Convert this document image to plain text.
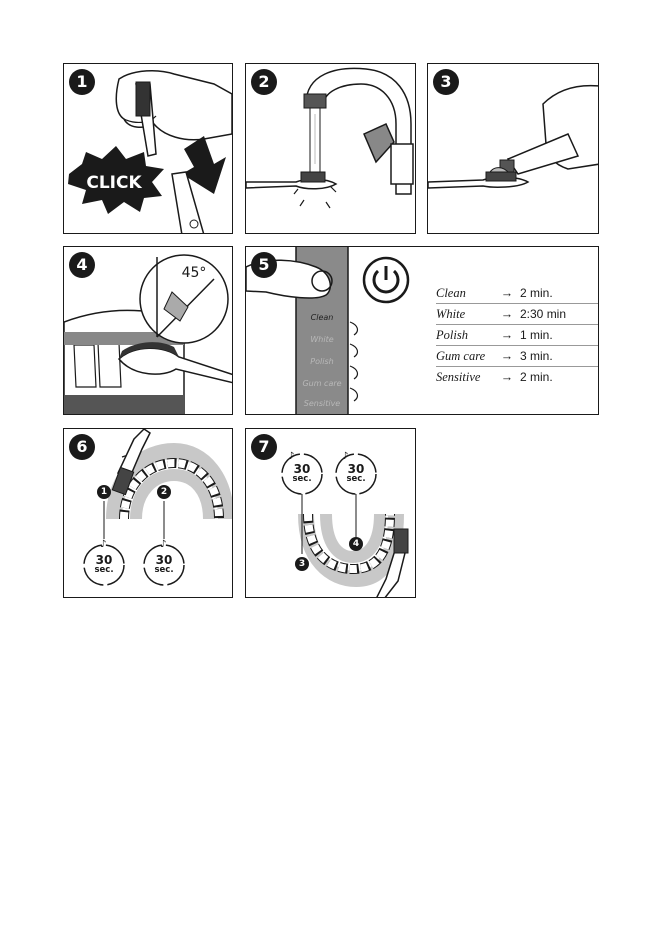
CLICK
1	2	3
45°
4
Clean
White
Polish
Gum care
Sensitive
Clean	→ 2 min.
White	→ 2:30 min
Polish	→ 1 min.
Gum care	→ 3 min.
Sensitive	→ 2 min.
5
♪	♪
1	2
30
sec.
30
sec.
6
♪	♪
3
4
30
sec.
30
sec.
7
